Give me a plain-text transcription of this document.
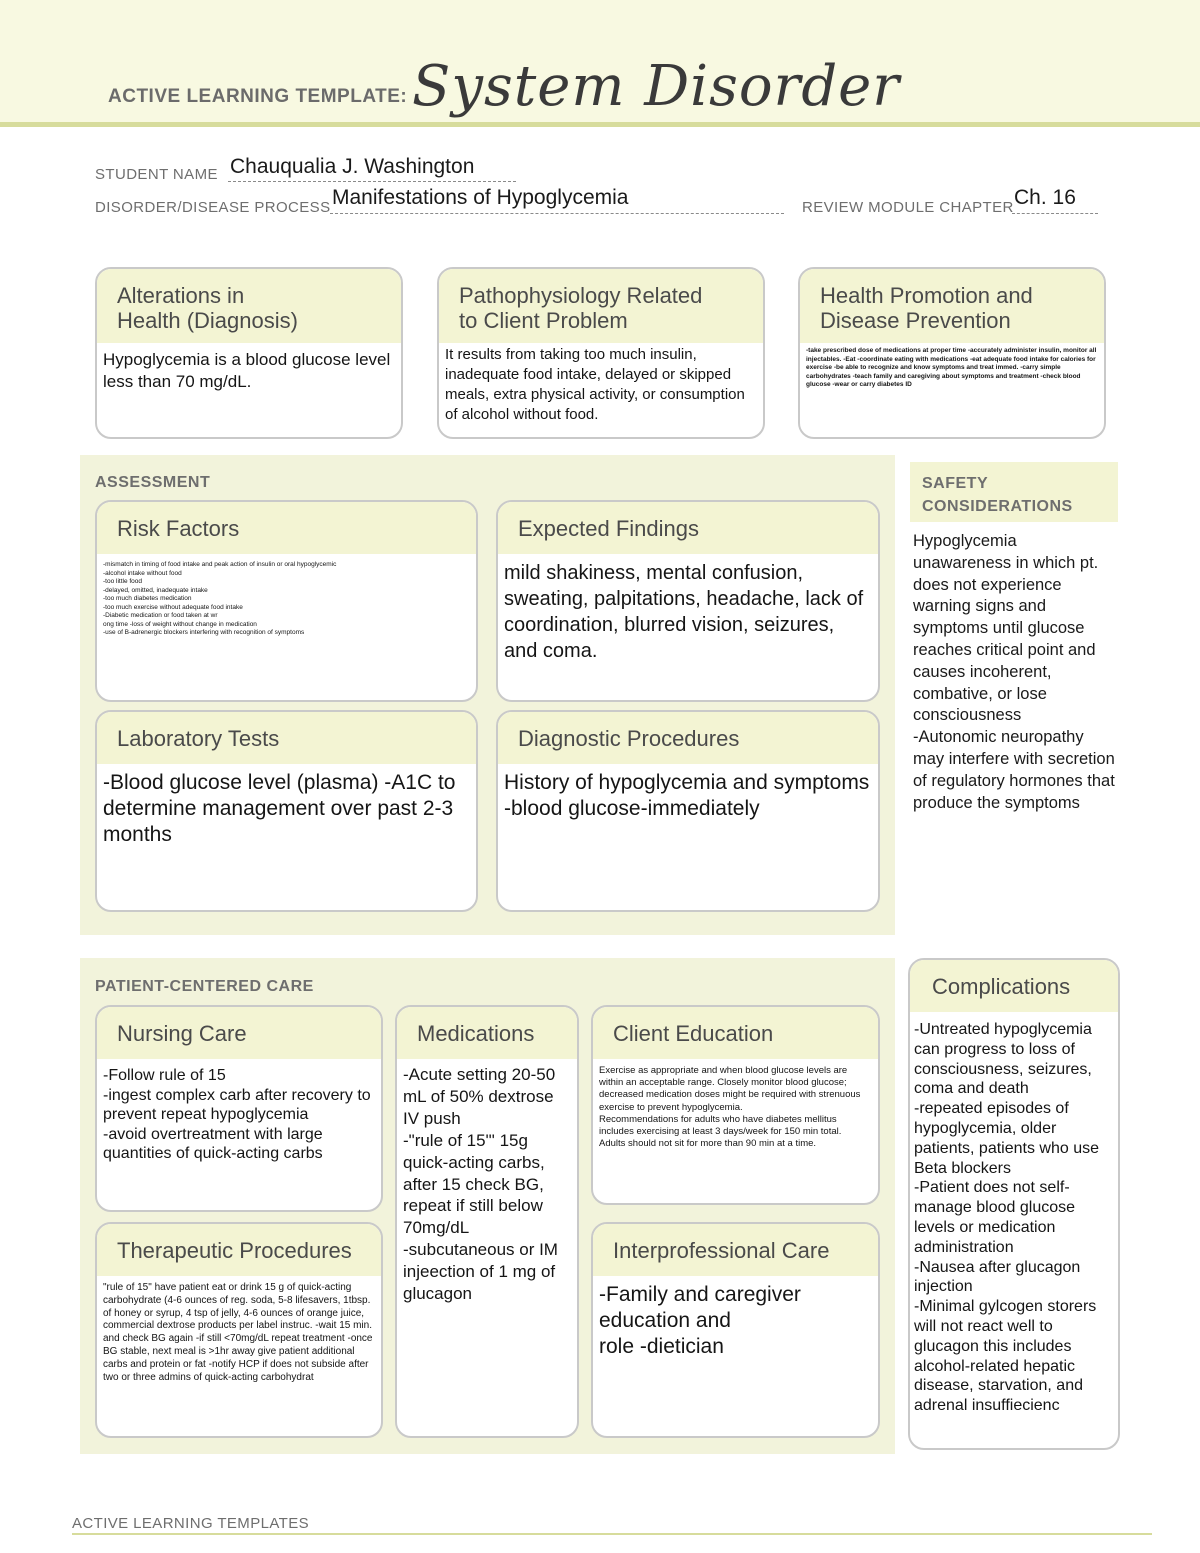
ACTIVE LEARNING TEMPLATE: System Disorder
STUDENT NAME Chauqualia J. Washington
DISORDER/DISEASE PROCESS Manifestations of Hypoglycemia	REVIEW MODULE CHAPTER Ch. 16
Alterations in
Health (Diagnosis)
Hypoglycemia is a blood glucose level less than 70 mg/dL.
Pathophysiology Related
to Client Problem
It results from taking too much insulin, inadequate food intake, delayed or skipped meals, extra physical activity, or consumption of alcohol without food.
Health Promotion and
Disease Prevention
-take prescribed dose of medications at proper time -accurately administer insulin, monitor all injectables. -Eat -coordinate eating with medications -eat adequate food intake for calories for exercise -be able to recognize and know symptoms and treat immed. -carry simple carbohydrates -teach family and caregiving about symptoms and treatment -check blood glucose -wear or carry diabetes ID
ASSESSMENT
Risk Factors
-mismatch in timing of food intake and peak action of insulin or oral hypoglycemic
-alcohol intake without food
-too little food
-delayed, omitted, inadequate intake
-too much diabetes medication
-too much exercise without adequate food intake
-Diabetic medication or food taken at wr
ong time -loss of weight without change in medication
-use of B-adrenergic blockers interfering with recognition of symptoms
Expected Findings
mild shakiness, mental confusion, sweating, palpitations, headache, lack of coordination, blurred vision, seizures, and coma.
Laboratory Tests
-Blood glucose level (plasma) -A1C to determine management over past 2-3 months
Diagnostic Procedures
History of hypoglycemia and symptoms -blood glucose-immediately
SAFETY
CONSIDERATIONS
Hypoglycemia unawareness in which pt. does not experience warning signs and symptoms until glucose reaches critical point and causes incoherent, combative, or lose consciousness
-Autonomic neuropathy may interfere with secretion of regulatory hormones that produce the symptoms
PATIENT-CENTERED CARE
Nursing Care
-Follow rule of 15
-ingest complex carb after recovery to prevent repeat hypoglycemia
-avoid overtreatment with large quantities of quick-acting carbs
Medications
-Acute setting 20-50 mL of 50% dextrose IV push
-"rule of 15"' 15g quick-acting carbs, after 15 check BG, repeat if still below 70mg/dL
-subcutaneous or IM injeection of 1 mg of glucagon
Client Education
Exercise as appropriate and when blood glucose levels are within an acceptable range. Closely monitor blood glucose; decreased medication doses might be required with strenuous exercise to prevent hypoglycemia.
Recommendations for adults who have diabetes mellitus includes exercising at least 3 days/week for 150 min total.
Adults should not sit for more than 90 min at a time.
Therapeutic Procedures
"rule of 15" have patient eat or drink 15 g of quick-acting carbohydrate (4-6 ounces of reg. soda, 5-8 lifesavers, 1tbsp. of honey or syrup, 4 tsp of jelly, 4-6 ounces of orange juice, commercial dextrose products per label instruc. -wait 15 min. and check BG again -if still <70mg/dL repeat treatment -once BG stable, next meal is >1hr away give patient additional carbs and protein or fat -notify HCP if does not subside after two or three admins of quick-acting carbohydrat
Interprofessional Care
-Family and caregiver education and
role -dietician
Complications
-Untreated hypoglycemia can progress to loss of consciousness, seizures, coma and death
-repeated episodes of hypoglycemia, older patients, patients who use Beta blockers
-Patient does not self-manage blood glucose levels or medication administration
-Nausea after glucagon injection
-Minimal gylcogen storers will not react well to glucagon this includes alcohol-related hepatic disease, starvation, and adrenal insuffiecienc
ACTIVE LEARNING TEMPLATES
